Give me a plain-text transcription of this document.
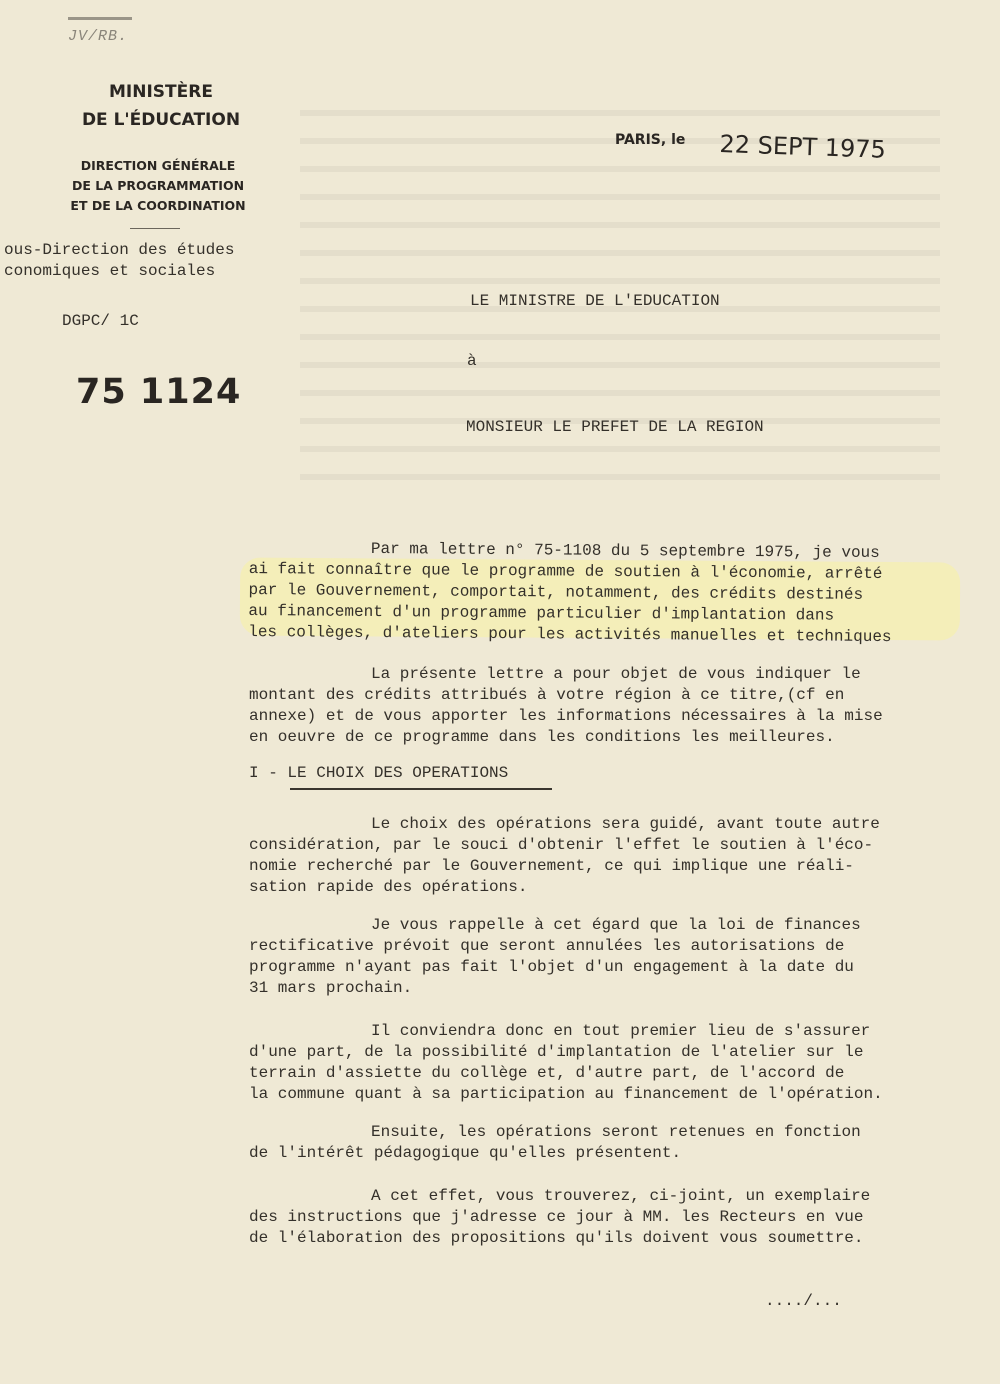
JV/RB.
MINISTÈRE
DE L'ÉDUCATION
DIRECTION GÉNÉRALE
DE LA PROGRAMMATION
ET DE LA COORDINATION
ous-Direction des études
conomiques et sociales
DGPC/ 1C
75 1124
PARIS, le 22 SEPT 1975
LE MINISTRE DE L'EDUCATION
à
MONSIEUR LE PREFET DE LA REGION
Par ma lettre n° 75-1108 du 5 septembre 1975, je vous
ai fait connaître que le programme de soutien à l'économie, arrêté
par le Gouvernement, comportait, notamment, des crédits destinés
au financement d'un programme particulier d'implantation dans
les collèges, d'ateliers pour les activités manuelles et techniques
La présente lettre a pour objet de vous indiquer le
montant des crédits attribués à votre région à ce titre,(cf en
annexe) et de vous apporter les informations nécessaires à la mise
en oeuvre de ce programme dans les conditions les meilleures.
I - LE CHOIX DES OPERATIONS
Le choix des opérations sera guidé, avant toute autre
considération, par le souci d'obtenir l'effet le soutien à l'éco-
nomie recherché par le Gouvernement, ce qui implique une réali-
sation rapide des opérations.
Je vous rappelle à cet égard que la loi de finances
rectificative prévoit que seront annulées les autorisations de
programme n'ayant pas fait l'objet d'un engagement à la date du
31 mars prochain.
Il conviendra donc en tout premier lieu de s'assurer
d'une part, de la possibilité d'implantation de l'atelier sur le
terrain d'assiette du collège et, d'autre part, de l'accord de
la commune quant à sa participation au financement de l'opération.
Ensuite, les opérations seront retenues en fonction
de l'intérêt pédagogique qu'elles présentent.
A cet effet, vous trouverez, ci-joint, un exemplaire
des instructions que j'adresse ce jour à MM. les Recteurs en vue
de l'élaboration des propositions qu'ils doivent vous soumettre.
..../...
